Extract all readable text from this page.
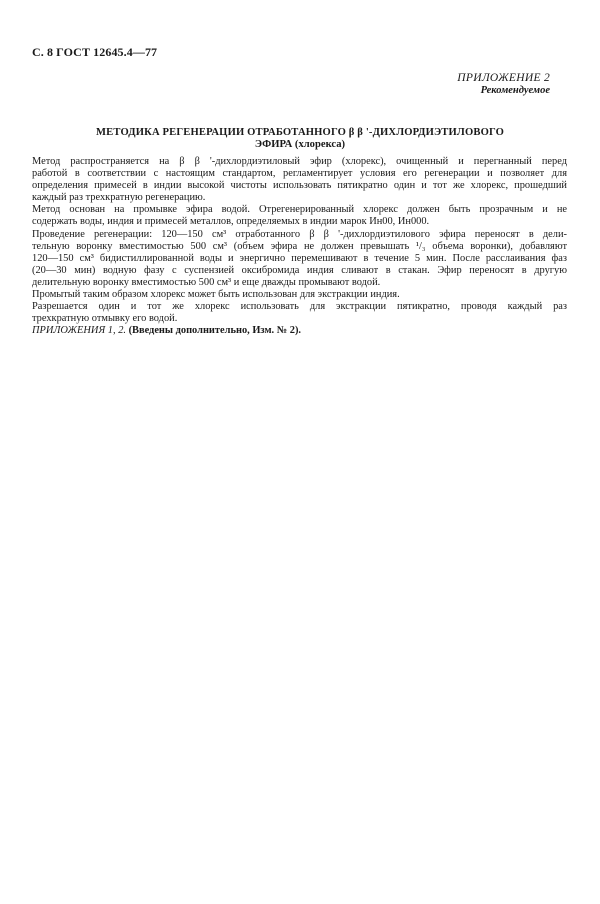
С. 8 ГОСТ 12645.4—77
ПРИЛОЖЕНИЕ 2
Рекомендуемое
МЕТОДИКА РЕГЕНЕРАЦИИ ОТРАБОТАННОГО β β '-ДИХЛОРДИЭТИЛОВОГО
ЭФИРА (хлорекса)
Метод распространяется на β β '-дихлордиэтиловый эфир (хлорекс), очищенный и перегнанный перед
работой в соответствии с настоящим стандартом, регламентирует условия его регенерации и позволяет для
определения примесей в индии высокой чистоты использовать пятикратно один и тот же хлорекс, прошедший
каждый раз трехкратную регенерацию.
Метод основан на промывке эфира водой. Отрегенерированный хлорекс должен быть прозрачным и не
содержать воды, индия и примесей металлов, определяемых в индии марок Ин00, Ин000.
Проведение регенерации: 120—150 см³ отработанного β β '-дихлордиэтилового эфира переносят в дели-
тельную воронку вместимостью 500 см³ (объем эфира не должен превышать ¹/₃ объема воронки), добавляют
120—150 см³ бидистиллированной воды и энергично перемешивают в течение 5 мин. После расслаивания фаз
(20—30 мин) водную фазу с суспензией оксибромида индия сливают в стакан. Эфир переносят в другую
делительную воронку вместимостью 500 см³ и еще дважды промывают водой.
Промытый таким образом хлорекс может быть использован для экстракции индия.
Разрешается один и тот же хлорекс использовать для экстракции пятикратно, проводя каждый раз
трехкратную отмывку его водой.
ПРИЛОЖЕНИЯ 1, 2. (Введены дополнительно, Изм. № 2).
